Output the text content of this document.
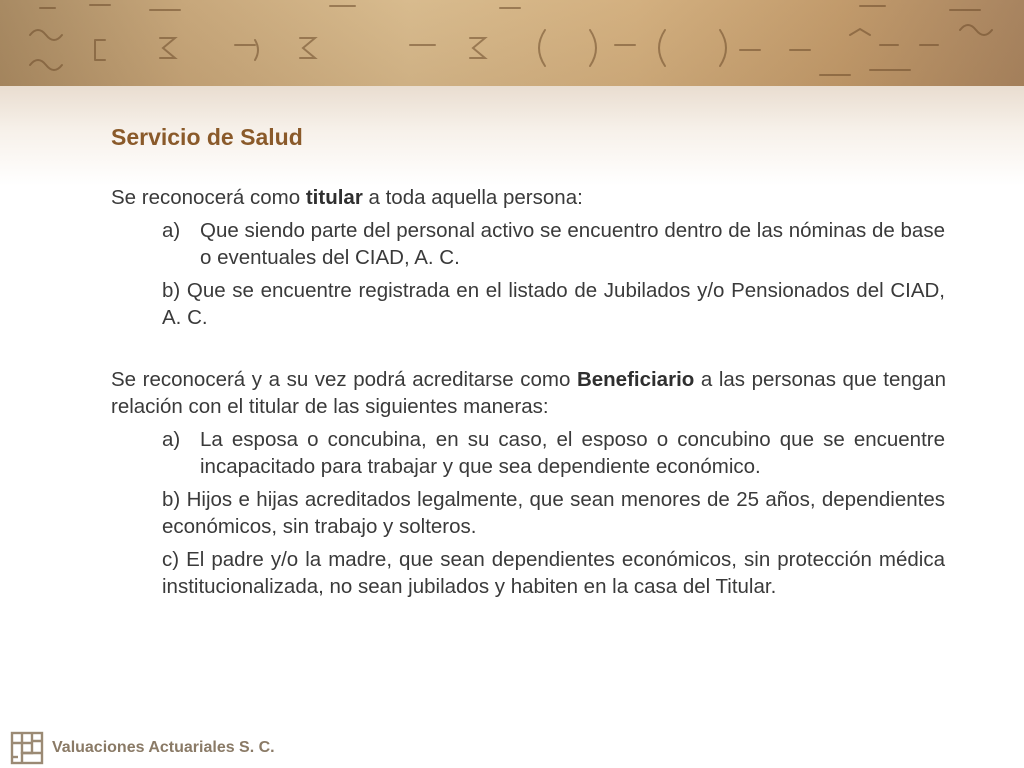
Servicio de Salud

Se reconocerá como titular a toda aquella persona:

a) Que siendo parte del personal activo se encuentro dentro de las nóminas de base o eventuales del CIAD, A. C.

b) Que se encuentre registrada en el listado de Jubilados y/o Pensionados del CIAD, A. C.

Se reconocerá y a su vez podrá acreditarse como Beneficiario a las personas que tengan relación con el titular de las siguientes maneras:

a) La esposa o concubina, en su caso, el esposo o concubino que se encuentre incapacitado para trabajar y que sea dependiente económico.

b) Hijos e hijas acreditados legalmente, que sean menores de 25 años, dependientes económicos, sin trabajo y solteros.

c) El padre y/o la madre, que sean dependientes económicos, sin protección médica institucionalizada, no sean jubilados y habiten en la casa del Titular.

Valuaciones Actuariales S. C.
